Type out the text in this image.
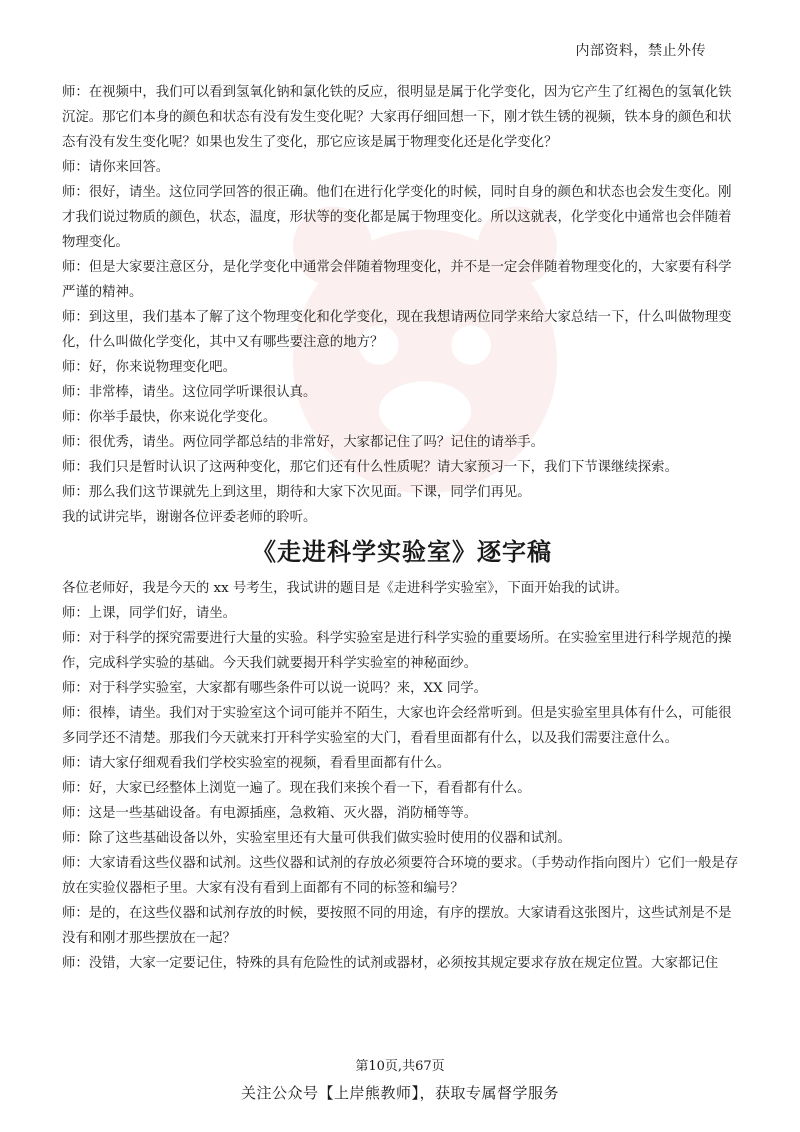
内部资料，禁止外传

师：在视频中，我们可以看到氢氧化钠和氯化铁的反应，很明显是属于化学变化，因为它产生了红褐色的氢氧化铁沉淀。那它们本身的颜色和状态有没有发生变化呢？大家再仔细回想一下，刚才铁生锈的视频，铁本身的颜色和状态有没有发生变化呢？如果也发生了变化，那它应该是属于物理变化还是化学变化？

师：请你来回答。

师：很好，请坐。这位同学回答的很正确。他们在进行化学变化的时候，同时自身的颜色和状态也会发生变化。刚才我们说过物质的颜色，状态，温度，形状等的变化都是属于物理变化。所以这就表，化学变化中通常也会伴随着物理变化。

师：但是大家要注意区分，是化学变化中通常会伴随着物理变化，并不是一定会伴随着物理变化的，大家要有科学严谨的精神。

师：到这里，我们基本了解了这个物理变化和化学变化，现在我想请两位同学来给大家总结一下，什么叫做物理变化，什么叫做化学变化，其中又有哪些要注意的地方？

师：好，你来说物理变化吧。

师：非常棒，请坐。这位同学听课很认真。

师：你举手最快，你来说化学变化。

师：很优秀，请坐。两位同学都总结的非常好，大家都记住了吗？记住的请举手。

师：我们只是暂时认识了这两种变化，那它们还有什么性质呢？请大家预习一下，我们下节课继续探索。

师：那么我们这节课就先上到这里，期待和大家下次见面。下课，同学们再见。

我的试讲完毕，谢谢各位评委老师的聆听。

《走进科学实验室》逐字稿

各位老师好，我是今天的 xx 号考生，我试讲的题目是《走进科学实验室》，下面开始我的试讲。

师：上课，同学们好，请坐。

师：对于科学的探究需要进行大量的实验。科学实验室是进行科学实验的重要场所。在实验室里进行科学规范的操作，完成科学实验的基础。今天我们就要揭开科学实验室的神秘面纱。

师：对于科学实验室，大家都有哪些条件可以说一说吗？来，XX 同学。

师：很棒，请坐。我们对于实验室这个词可能并不陌生，大家也许会经常听到。但是实验室里具体有什么，可能很多同学还不清楚。那我们今天就来打开科学实验室的大门，看看里面都有什么，以及我们需要注意什么。

师：请大家仔细观看我们学校实验室的视频，看看里面都有什么。

师：好，大家已经整体上浏览一遍了。现在我们来挨个看一下，看看都有什么。

师：这是一些基础设备。有电源插座，急救箱、灭火器，消防桶等等。

师：除了这些基础设备以外，实验室里还有大量可供我们做实验时使用的仪器和试剂。

师：大家请看这些仪器和试剂。这些仪器和试剂的存放必须要符合环境的要求。（手势动作指向图片）它们一般是存放在实验仪器柜子里。大家有没有看到上面都有不同的标签和编号？

师：是的，在这些仪器和试剂存放的时候，要按照不同的用途，有序的摆放。大家请看这张图片，这些试剂是不是没有和刚才那些摆放在一起？

师：没错，大家一定要记住，特殊的具有危险性的试剂或器材，必须按其规定要求存放在规定位置。大家都记住

第10页,共67页
关注公众号【上岸熊教师】，获取专属督学服务
